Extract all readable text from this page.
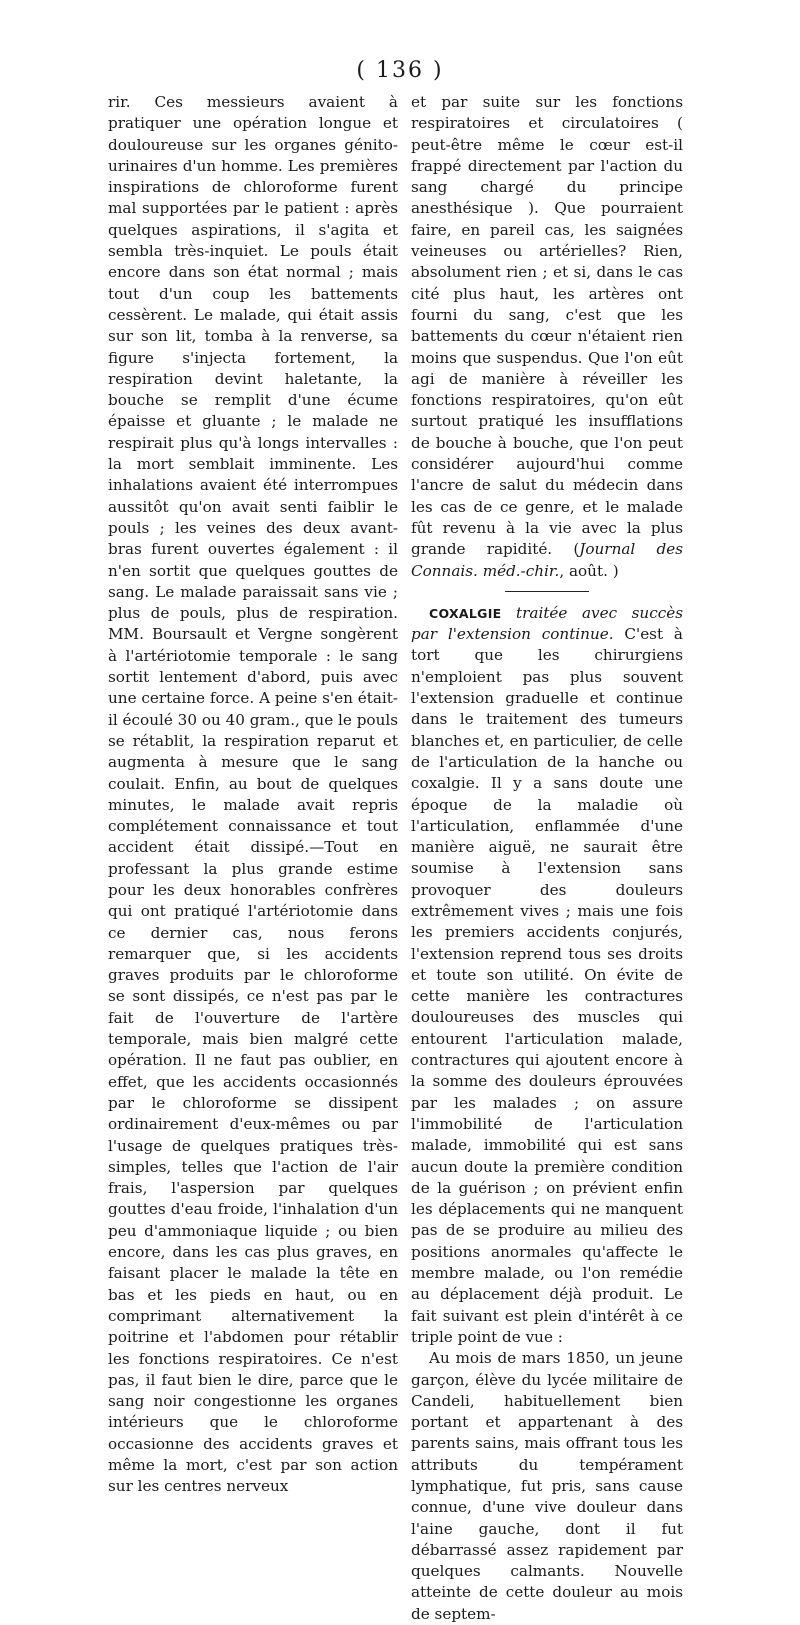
( 136 )

rir. Ces messieurs avaient à pratiquer une opération longue et douloureuse sur les organes génito-urinaires d'un homme. Les premières inspirations de chloroforme furent mal supportées par le patient : après quelques aspirations, il s'agita et sembla très-inquiet. Le pouls était encore dans son état normal ; mais tout d'un coup les battements cessèrent. Le malade, qui était assis sur son lit, tomba à la renverse, sa figure s'injecta fortement, la respiration devint haletante, la bouche se remplit d'une écume épaisse et gluante ; le malade ne respirait plus qu'à longs intervalles : la mort semblait imminente. Les inhalations avaient été interrompues aussitôt qu'on avait senti faiblir le pouls ; les veines des deux avant-bras furent ouvertes également : il n'en sortit que quelques gouttes de sang. Le malade paraissait sans vie ; plus de pouls, plus de respiration. MM. Boursault et Vergne songèrent à l'artériotomie temporale : le sang sortit lentement d'abord, puis avec une certaine force. A peine s'en était-il écoulé 30 ou 40 gram., que le pouls se rétablit, la respiration reparut et augmenta à mesure que le sang coulait. Enfin, au bout de quelques minutes, le malade avait repris complétement connaissance et tout accident était dissipé.—Tout en professant la plus grande estime pour les deux honorables confrères qui ont pratiqué l'artériotomie dans ce dernier cas, nous ferons remarquer que, si les accidents graves produits par le chloroforme se sont dissipés, ce n'est pas par le fait de l'ouverture de l'artère temporale, mais bien malgré cette opération. Il ne faut pas oublier, en effet, que les accidents occasionnés par le chloroforme se dissipent ordinairement d'eux-mêmes ou par l'usage de quelques pratiques très-simples, telles que l'action de l'air frais, l'aspersion par quelques gouttes d'eau froide, l'inhalation d'un peu d'ammoniaque liquide ; ou bien encore, dans les cas plus graves, en faisant placer le malade la tête en bas et les pieds en haut, ou en comprimant alternativement la poitrine et l'abdomen pour rétablir les fonctions respiratoires. Ce n'est pas, il faut bien le dire, parce que le sang noir congestionne les organes intérieurs que le chloroforme occasionne des accidents graves et même la mort, c'est par son action sur les centres nerveux

et par suite sur les fonctions respiratoires et circulatoires ( peut-être même le cœur est-il frappé directement par l'action du sang chargé du principe anesthésique ). Que pourraient faire, en pareil cas, les saignées veineuses ou artérielles? Rien, absolument rien ; et si, dans le cas cité plus haut, les artères ont fourni du sang, c'est que les battements du cœur n'étaient rien moins que suspendus. Que l'on eût agi de manière à réveiller les fonctions respiratoires, qu'on eût surtout pratiqué les insufflations de bouche à bouche, que l'on peut considérer aujourd'hui comme l'ancre de salut du médecin dans les cas de ce genre, et le malade fût revenu à la vie avec la plus grande rapidité. (Journal des Connais. méd.-chir., août. )

COXALGIE traitée avec succès par l'extension continue. C'est à tort que les chirurgiens n'emploient pas plus souvent l'extension graduelle et continue dans le traitement des tumeurs blanches et, en particulier, de celle de l'articulation de la hanche ou coxalgie. Il y a sans doute une époque de la maladie où l'articulation, enflammée d'une manière aiguë, ne saurait être soumise à l'extension sans provoquer des douleurs extrêmement vives ; mais une fois les premiers accidents conjurés, l'extension reprend tous ses droits et toute son utilité. On évite de cette manière les contractures douloureuses des muscles qui entourent l'articulation malade, contractures qui ajoutent encore à la somme des douleurs éprouvées par les malades ; on assure l'immobilité de l'articulation malade, immobilité qui est sans aucun doute la première condition de la guérison ; on prévient enfin les déplacements qui ne manquent pas de se produire au milieu des positions anormales qu'affecte le membre malade, ou l'on remédie au déplacement déjà produit. Le fait suivant est plein d'intérêt à ce triple point de vue :

Au mois de mars 1850, un jeune garçon, élève du lycée militaire de Candeli, habituellement bien portant et appartenant à des parents sains, mais offrant tous les attributs du tempérament lymphatique, fut pris, sans cause connue, d'une vive douleur dans l'aine gauche, dont il fut débarrassé assez rapidement par quelques calmants. Nouvelle atteinte de cette douleur au mois de septem-
